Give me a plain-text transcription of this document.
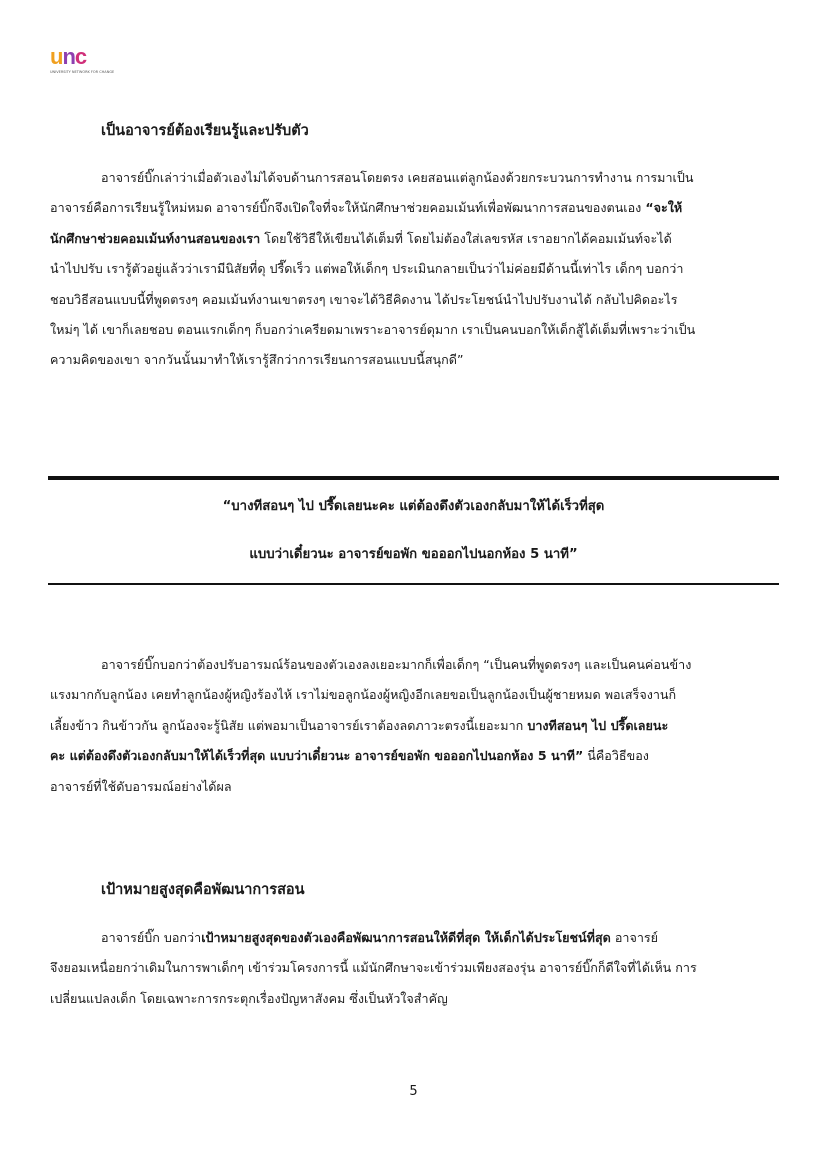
unc
UNIVERSITY NETWORK FOR CHANGE
เป็นอาจารย์ต้องเรียนรู้และปรับตัว
อาจารย์บิ๊กเล่าว่าเมื่อตัวเองไม่ได้จบด้านการสอนโดยตรง เคยสอนแต่ลูกน้องด้วยกระบวนการทำงาน การมาเป็น
อาจารย์คือการเรียนรู้ใหม่หมด อาจารย์บิ๊กจึงเปิดใจที่จะให้นักศึกษาช่วยคอมเม้นท์เพื่อพัฒนาการสอนของตนเอง “จะให้
นักศึกษาช่วยคอมเม้นท์งานสอนของเรา โดยใช้วิธีให้เขียนได้เต็มที่ โดยไม่ต้องใส่เลขรหัส เราอยากได้คอมเม้นท์จะได้
นำไปปรับ เรารู้ตัวอยู่แล้วว่าเรามีนิสัยที่ดุ ปรี๊ดเร็ว แต่พอให้เด็กๆ ประเมินกลายเป็นว่าไม่ค่อยมีด้านนี้เท่าไร เด็กๆ บอกว่า
ชอบวิธีสอนแบบนี้ที่พูดตรงๆ คอมเม้นท์งานเขาตรงๆ เขาจะได้วิธีคิดงาน ได้ประโยชน์นำไปปรับงานได้ กลับไปคิดอะไร
ใหม่ๆ ได้ เขาก็เลยชอบ ตอนแรกเด็กๆ ก็บอกว่าเครียดมาเพราะอาจารย์ดุมาก เราเป็นคนบอกให้เด็กสู้ได้เต็มที่เพราะว่าเป็น
ความคิดของเขา จากวันนั้นมาทำให้เรารู้สึกว่าการเรียนการสอนแบบนี้สนุกดี”
“บางทีสอนๆ ไป ปรี๊ดเลยนะคะ แต่ต้องดึงตัวเองกลับมาให้ได้เร็วที่สุด
แบบว่าเดี๋ยวนะ อาจารย์ขอพัก ขอออกไปนอกห้อง 5 นาที”
อาจารย์บิ๊กบอกว่าต้องปรับอารมณ์ร้อนของตัวเองลงเยอะมากก็เพื่อเด็กๆ “เป็นคนที่พูดตรงๆ และเป็นคนค่อนข้าง
แรงมากกับลูกน้อง เคยทำลูกน้องผู้หญิงร้องไห้ เราไม่ขอลูกน้องผู้หญิงอีกเลยขอเป็นลูกน้องเป็นผู้ชายหมด พอเสร็จงานก็
เลี้ยงข้าว กินข้าวกัน ลูกน้องจะรู้นิสัย แต่พอมาเป็นอาจารย์เราต้องลดภาวะตรงนี้เยอะมาก บางทีสอนๆ ไป ปรี๊ดเลยนะ
คะ แต่ต้องดึงตัวเองกลับมาให้ได้เร็วที่สุด แบบว่าเดี๋ยวนะ อาจารย์ขอพัก ขอออกไปนอกห้อง 5 นาที” นี่คือวิธีของ
อาจารย์ที่ใช้ดับอารมณ์อย่างได้ผล
เป้าหมายสูงสุดคือพัฒนาการสอน
อาจารย์บิ๊ก บอกว่าเป้าหมายสูงสุดของตัวเองคือพัฒนาการสอนให้ดีที่สุด ให้เด็กได้ประโยชน์ที่สุด อาจารย์
จึงยอมเหนื่อยกว่าเดิมในการพาเด็กๆ เข้าร่วมโครงการนี้ แม้นักศึกษาจะเข้าร่วมเพียงสองรุ่น อาจารย์บิ๊กก็ดีใจที่ได้เห็น การ
เปลี่ยนแปลงเด็ก โดยเฉพาะการกระตุกเรื่องปัญหาสังคม ซึ่งเป็นหัวใจสำคัญ
5
